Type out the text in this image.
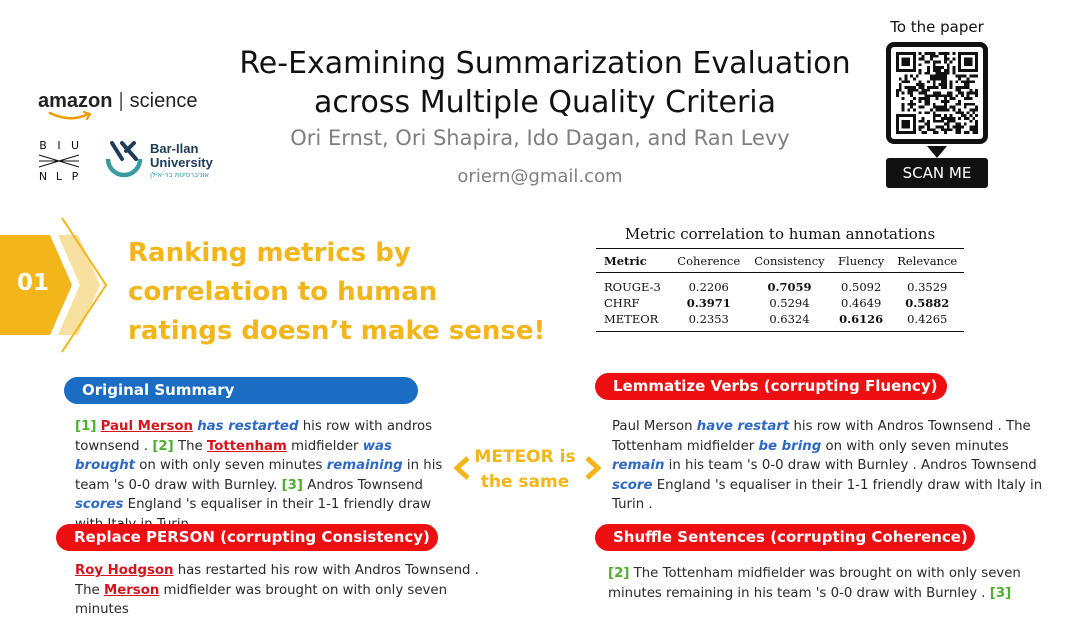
amazon | science
B I U
N L P
Bar-Ilan
University
אוניברסיטת בר-אילן
Re-Examining Summarization Evaluation
across Multiple Quality Criteria
Ori Ernst, Ori Shapira, Ido Dagan, and Ran Levy
oriern@gmail.com
To the paper
SCAN ME
01
Ranking metrics by correlation to human ratings doesn’t make sense!
Metric correlation to human annotations
Metric	Coherence	Consistency	Fluency	Relevance
ROUGE-3	0.2206	0.7059	0.5092	0.3529
CHRF	0.3971	0.5294	0.4649	0.5882
METEOR	0.2353	0.6324	0.6126	0.4265
Original Summary
[1] Paul Merson has restarted his row with andros townsend . [2] The Tottenham midfielder was brought on with only seven minutes remaining in his team 's 0-0 draw with Burnley. [3] Andros Townsend scores England 's equaliser in their 1-1 friendly draw
METEOR is
the same
Lemmatize Verbs (corrupting Fluency)
Paul Merson have restart his row with Andros Townsend . The Tottenham midfielder be bring on with only seven minutes remain in his team 's 0-0 draw with Burnley . Andros Townsend score England 's equaliser in their 1-1 friendly draw with Italy in Turin .
Replace PERSON (corrupting Consistency)
Roy Hodgson has restarted his row with Andros Townsend . The Merson midfielder was brought on with only seven minutes
Shuffle Sentences (corrupting Coherence)
[2] The Tottenham midfielder was brought on with only seven minutes remaining in his team 's 0-0 draw with Burnley . [3]
